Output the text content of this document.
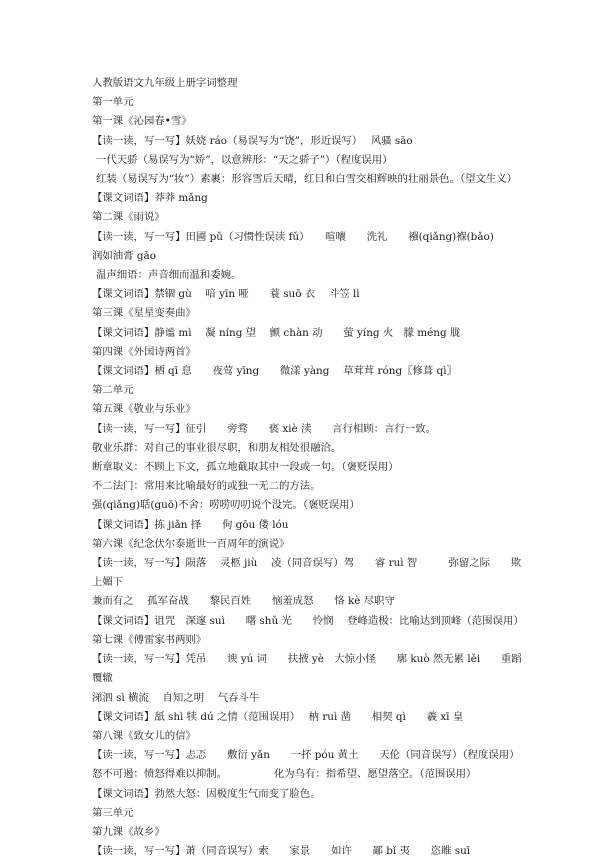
人教版语文九年级上册字词整理
第一单元
第一课《沁园春•雪》
【读一读，写一写】妖娆 ráo（易误写为“饶”，形近误写）　 风骚 sāo
一代天骄（易误写为“娇”，以意辨形：“天之骄子”）（程度误用）
红装（易误写为“妆”）素裹：形容雪后天晴，红日和白雪交相辉映的壮丽景色。（望文生义）
【课文词语】莽莽 mǎng
第二课《雨说》
【读一读，写一写】田圃 pǔ（习惯性误读 fǔ）　　喧嚷　　洗礼　　襁(qiǎng)褓(bǎo)　　润如油膏 gāo
温声细语：声音细而温和委婉。
【课文词语】禁锢 gù　 喑 yīn 哑　　蓑 suō 衣　 斗笠 lì
第三课《星星变奏曲》
【课文词语】静谧 mì　 凝 níng 望　 颤 chàn 动　　萤 yíng 火　朦 méng 胧
第四课《外国诗两首》
【课文词语】栖 qī 息　　夜莺 yīng　　微漾 yàng　 草茸茸 róng〖修葺 qì〗
第二单元
第五课《敬业与乐业》
【读一读，写一写】征引　　旁骛　　亵 xiè 渎　　言行相顾：言行一致。
敬业乐群：对自己的事业很尽职，和朋友相处很融洽。
断章取义：不顾上下文，孤立地截取其中一段或一句。（褒贬误用）
不二法门：常用来比喻最好的或独一无二的方法。
强(qiǎng)聒(guō)不舍：唠唠叨叨说个没完。（褒贬误用）
【课文词语】拣 jiǎn 择　　佝 gōu 偻 lóu
第六课《纪念伏尔泰逝世一百周年的演说》
【读一读，写一写】陨落　 灵柩 jiù　 凌（同音误写）驾　　睿 ruì 智　　　弥留之际　　欺上媚下
兼而有之　 孤军奋战　　黎民百姓　　恼羞成怒　　恪 kè 尽职守
【课文词语】诅咒　深邃 suì　　曙 shǔ 光　　怜悯　 登峰造极：比喻达到顶峰（范围误用）
第七课《傅雷家书两则》
【读一读，写一写】凭吊　　谀 yú 词　　扶掖 yè　大惊小怪　　廓 kuò 然无累 lěi　　重蹈覆辙
涕泗 sì 横流　 自知之明　 气吞斗牛
【课文词语】舐 shì 犊 dú 之情（范围误用）　 枘 ruì 凿　　相契 qì　　羲 xī 皇
第八课《致女儿的信》
【读一读，写一写】忐忑　　敷衍 yǎn　　一抔 póu 黄土　　天伦（同音误写）（程度误用）
怒不可遏：愤怒得难以抑制。　　　　　化为乌有：指希望、愿望落空。（范围误用）
【课文词语】勃然大怒：因极度生气而变了脸色。
第三单元
第九课《故乡》
【读一读，写一写】萧（同音误写）索　　家景　　如许　　鄙 bǐ 夷　　恣睢 suī
